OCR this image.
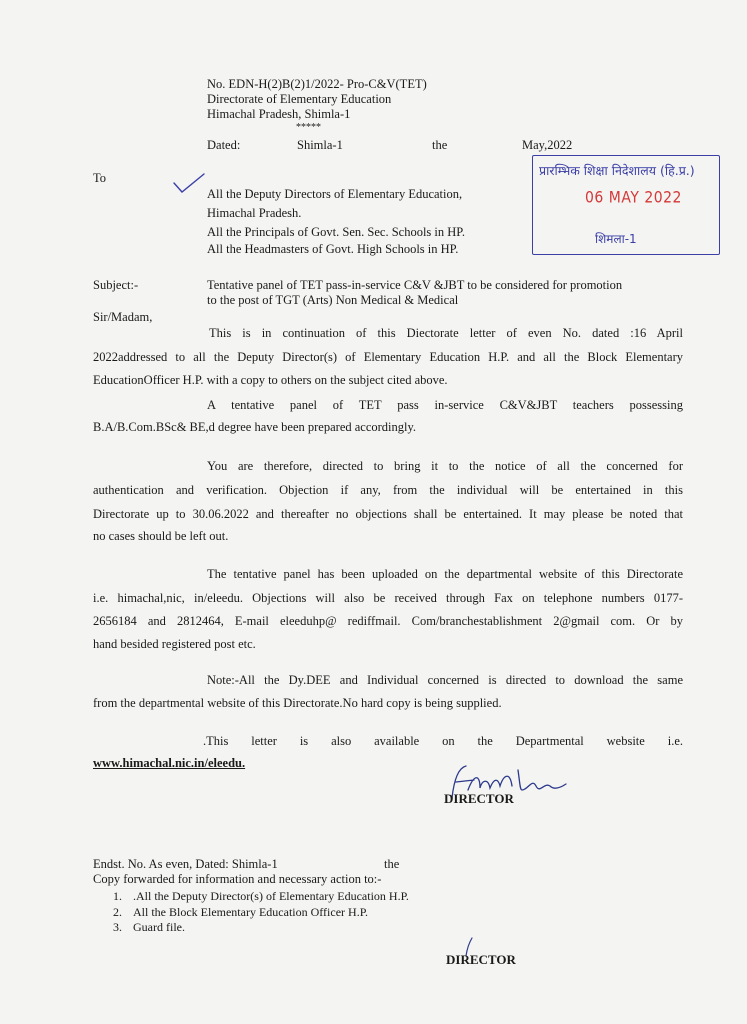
No. EDN-H(2)B(2)1/2022- Pro-C&V(TET)
Directorate of Elementary Education
Himachal Pradesh, Shimla-1
*****
Dated:	Shimla-1	the	May,2022
प्रारम्भिक शिक्षा निदेशालय (हि.प्र.)
06 MAY 2022
शिमला-1
To
All the Deputy Directors of Elementary Education,
Himachal Pradesh.
All the Principals of Govt. Sen. Sec. Schools in HP.
All the Headmasters of Govt. High Schools in HP.
Subject:-	Tentative panel of TET pass-in-service C&V &JBT to be considered for promotion
to the post of TGT (Arts) Non Medical & Medical
Sir/Madam,
This is in continuation of this Diectorate letter of even No. dated :16 April
2022addressed to all the Deputy Director(s) of Elementary Education H.P. and all the Block Elementary
EducationOfficer H.P. with a copy to others on the subject cited above.
A tentative panel of TET pass in-service C&V&JBT teachers possessing
B.A/B.Com.BSc& BE,d degree have been prepared accordingly.
You are therefore, directed to bring it to the notice of all the concerned for
authentication and verification. Objection if any, from the individual will be entertained in this
Directorate up to 30.06.2022 and thereafter no objections shall be entertained. It may please be noted that
no cases should be left out.
The tentative panel has been uploaded on the departmental website of this Directorate
i.e. himachal,nic, in/eleedu. Objections will also be received through Fax on telephone numbers 0177-
2656184 and 2812464, E-mail eleeduhp@ rediffmail. Com/branchestablishment 2@gmail com. Or by
hand besided registered post etc.
Note:-All the Dy.DEE and Individual concerned is directed to download the same
from the departmental website of this Directorate.No hard copy is being supplied.
.This letter is also available on the Departmental website i.e.
www.himachal.nic.in/eleedu.
DIRECTOR
Endst. No. As even, Dated: Shimla-1	the
Copy forwarded for information and necessary action to:-
1. .All the Deputy Director(s) of Elementary Education H.P.
2. All the Block Elementary Education Officer H.P.
3. Guard file.
DIRECTOR
